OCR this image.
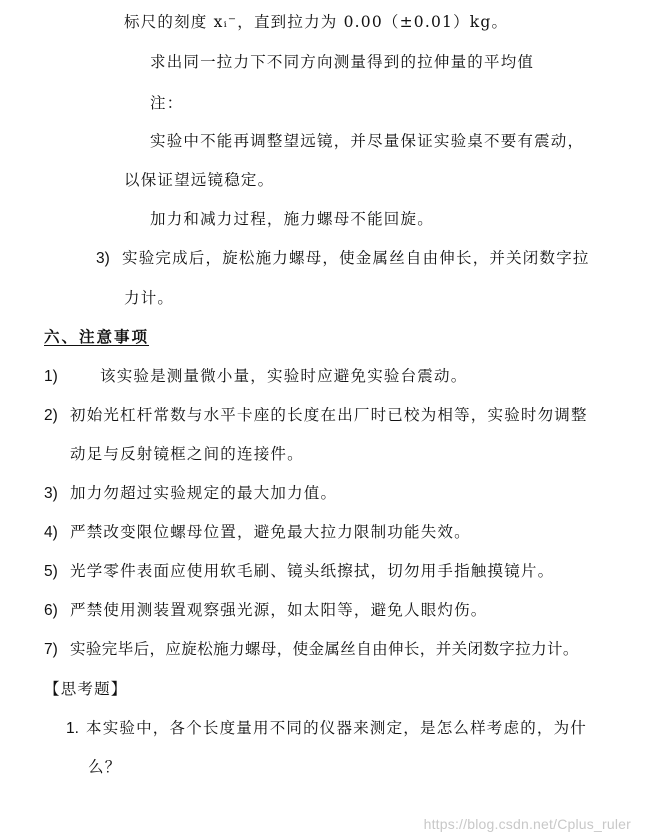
标尺的刻度 xᵢ⁻，直到拉力为 0.00（±0.01）kg。
求出同一拉力下不同方向测量得到的拉伸量的平均值
注：
实验中不能再调整望远镜，并尽量保证实验桌不要有震动，
以保证望远镜稳定。
加力和减力过程，施力螺母不能回旋。
3) 实验完成后，旋松施力螺母，使金属丝自由伸长，并关闭数字拉
力计。
六、注意事项
1)	该实验是测量微小量，实验时应避免实验台震动。
2) 初始光杠杆常数与水平卡座的长度在出厂时已校为相等，实验时勿调整
动足与反射镜框之间的连接件。
3) 加力勿超过实验规定的最大加力值。
4) 严禁改变限位螺母位置，避免最大拉力限制功能失效。
5) 光学零件表面应使用软毛刷、镜头纸擦拭，切勿用手指触摸镜片。
6) 严禁使用测装置观察强光源，如太阳等，避免人眼灼伤。
7) 实验完毕后，应旋松施力螺母，使金属丝自由伸长，并关闭数字拉力计。
【思考题】
1. 本实验中，各个长度量用不同的仪器来测定，是怎么样考虑的，为什
么？
https://blog.csdn.net/Cplus_ruler
